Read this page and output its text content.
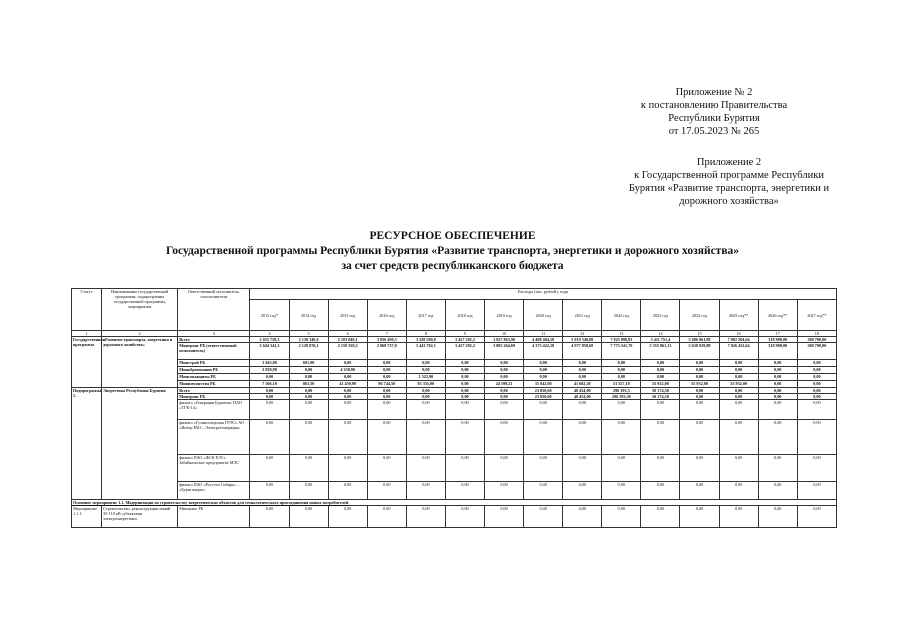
Приложение № 2
к постановлению Правительства
Республики Бурятия
от 17.05.2023 № 265
Приложение 2
к Государственной программе Республики
Бурятия «Развитие транспорта, энергетики и
дорожного хозяйства»
РЕСУРСНОЕ ОБЕСПЕЧЕНИЕ
Государственной программы Республики Бурятия «Развитие транспорта, энергетики и дорожного хозяйства»
за счет средств республиканского бюджета
Статус	Наименование государственной программы, подпрограммы государственной программы, мероприятия	Ответственный исполнитель, соисполнители	Расходы (тыс. рублей), годы														
			2013 год*	2014 год	2015 год	2016 год	2017 год	2018 год	2019 год	2020 год	2021 год	2022 год	2023 год	2024 год	2025 год**	2026 год**	2027 год**
1	2	3	4	5	6	7	8	9	10	11	12	13	14	15	16	17	18
Государственная программа	«Развитие транспорта, энергетики и дорожного хозяйства»	Всего	2 655 758,3	2 130 340,6	2 183 040,1	3 056 490,5	3 528 580,0	3 427 292,2	3 827 863,90	4 408 464,18	5 019 540,88	7 825 098,83	5 411 751,4	5 686 861,88	7 082 504,64	318 900,00	300 700,00
		Минтранс РБ (ответственный исполнитель)	2 644 342,3	2 128 876,1	2 159 359,2	2 969 737,0	3 443 702,1	3 427 292,2	3 803 264,69	4 373 422,18	4 977 858,68	7 773 541,70	5 355 861,13	5 630 929,88	7 026 452,64	318 900,00	300 700,00
		Минстрой РБ	3 043,00	601,00	0,00	0,00	0,00	0,00	0,00	0,00	0,00	0,00	0,00	0,00	0,00	0,00	0,00
		Минобразования РБ	2 838,90	0,00	4 250,00	0,00	0,00	0,00	0,00	0,00	0,00	0,00	0,00	0,00	0,00	0,00	0,00
		Минсоцзащиты РБ	0,00	0,00	0,00	0,00	1 522,90	0,00	0,00	0,00	0,00	0,00	0,00	0,00	0,00	0,00	0,00
		Минимущества РБ	7 566,10	863,50	41 450,90	86 744,50	83 355,00	0,00	24 599,21	35 042,00	41 682,20	51 557,10	55 932,00	55 932,00	55 932,00	0,00	0,00
Подпрограмма 1.	Энергетика Республики Бурятия	Всего	0,00	0,00	0,00	0,00	0,00	0,00	0,00	23 850,60	40 454,00	296 393,3	50 174,58	0,00	0,00	0,00	0,00
		Минтранс РБ	0,00	0,00	0,00	0,00	0,00	0,00	0,00	23 850,60	40 454,00	296 393,30	50 174,58	0,00	0,00	0,00	0,00
		филиал «Генерация Бурятии» ПАО «ТГК-14»	0,00	0,00	0,00	0,00	0,00	0,00	0,00	0,00	0,00	0,00	0,00	0,00	0,00	0,00	0,00
		филиал «Гусиноозерская ГРЭС» АО «Интер РАО – Электрогенерация»	0,00	0,00	0,00	0,00	0,00	0,00	0,00	0,00	0,00	0,00	0,00	0,00	0,00	0,00	0,00
		филиал ПАО «ФСК ЕЭС» Забайкальское предприятие МЭС	0,00	0,00	0,00	0,00	0,00	0,00	0,00	0,00	0,00	0,00	0,00	0,00	0,00	0,00	0,00
		филиал ПАО «Россети Сибирь» – «Бурятэнерго»	0,00	0,00	0,00	0,00	0,00	0,00	0,00	0,00	0,00	0,00	0,00	0,00	0,00	0,00	0,00
Основное мероприятие 1.1. Модернизация по строительству энергетических объектов для технологического присоединения новых потребителей																	
Мероприятие 1.1.1.	Строительство, реконструкция линий 35-110 кВ субъектами электроэнергетики	Минтранс РБ	0,00	0,00	0,00	0,00	0,00	0,00	0,00	0,00	0,00	0,00	0,00	0,00	0,00	0,00	0,00
